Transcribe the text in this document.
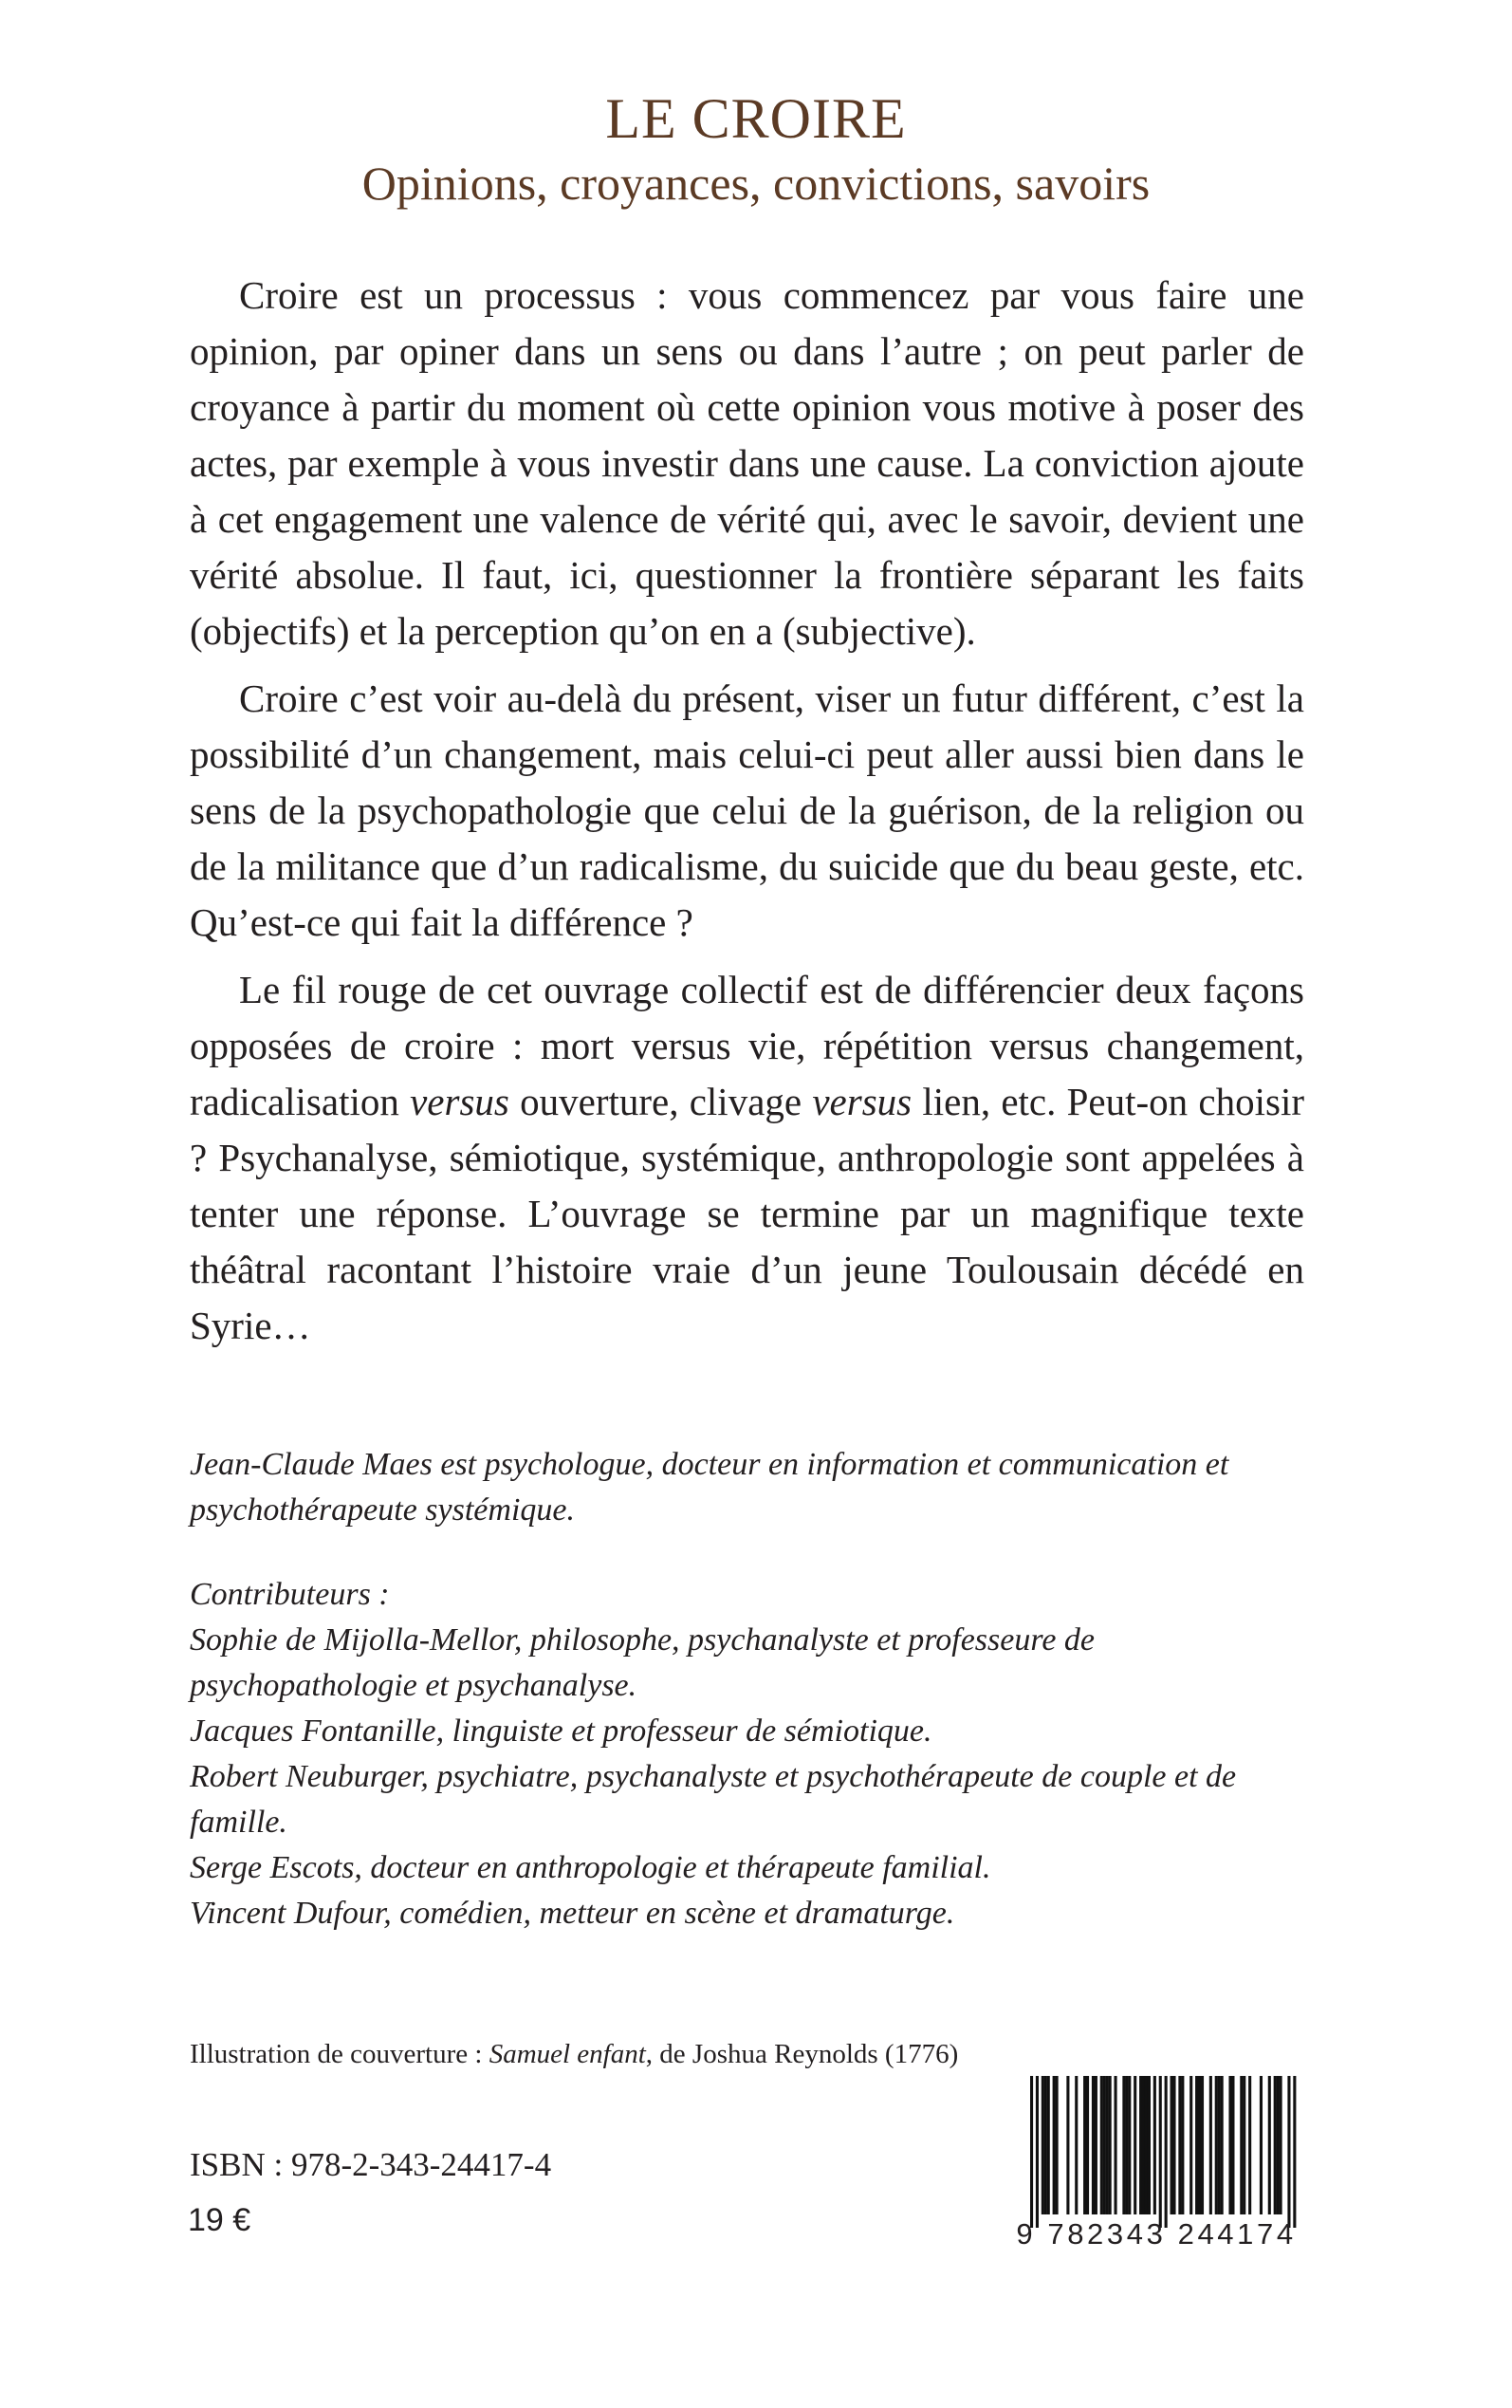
LE CROIRE
Opinions, croyances, convictions, savoirs

Croire est un processus : vous commencez par vous faire une opinion, par opiner dans un sens ou dans l’autre ; on peut parler de croyance à partir du moment où cette opinion vous motive à poser des actes, par exemple à vous investir dans une cause. La conviction ajoute à cet engagement une valence de vérité qui, avec le savoir, devient une vérité absolue. Il faut, ici, questionner la frontière séparant les faits (objectifs) et la perception qu’on en a (subjective).

Croire c’est voir au-delà du présent, viser un futur différent, c’est la possibilité d’un changement, mais celui-ci peut aller aussi bien dans le sens de la psychopathologie que celui de la guérison, de la religion ou de la militance que d’un radicalisme, du suicide que du beau geste, etc. Qu’est-ce qui fait la différence ?

Le fil rouge de cet ouvrage collectif est de différencier deux façons opposées de croire : mort versus vie, répétition versus changement, radicalisation versus ouverture, clivage versus lien, etc. Peut-on choisir ? Psychanalyse, sémiotique, systémique, anthropologie sont appelées à tenter une réponse. L’ouvrage se termine par un magnifique texte théâtral racontant l’histoire vraie d’un jeune Toulousain décédé en Syrie…

Jean-Claude Maes est psychologue, docteur en information et communication et psychothérapeute systémique.
Contributeurs :
Sophie de Mijolla-Mellor, philosophe, psychanalyste et professeure de psychopathologie et psychanalyse.
Jacques Fontanille, linguiste et professeur de sémiotique.
Robert Neuburger, psychiatre, psychanalyste et psychothérapeute de couple et de famille.
Serge Escots, docteur en anthropologie et thérapeute familial.
Vincent Dufour, comédien, metteur en scène et dramaturge.
Illustration de couverture : Samuel enfant, de Joshua Reynolds (1776)
ISBN : 978-2-343-24417-4
19 €	9 782343 244174
